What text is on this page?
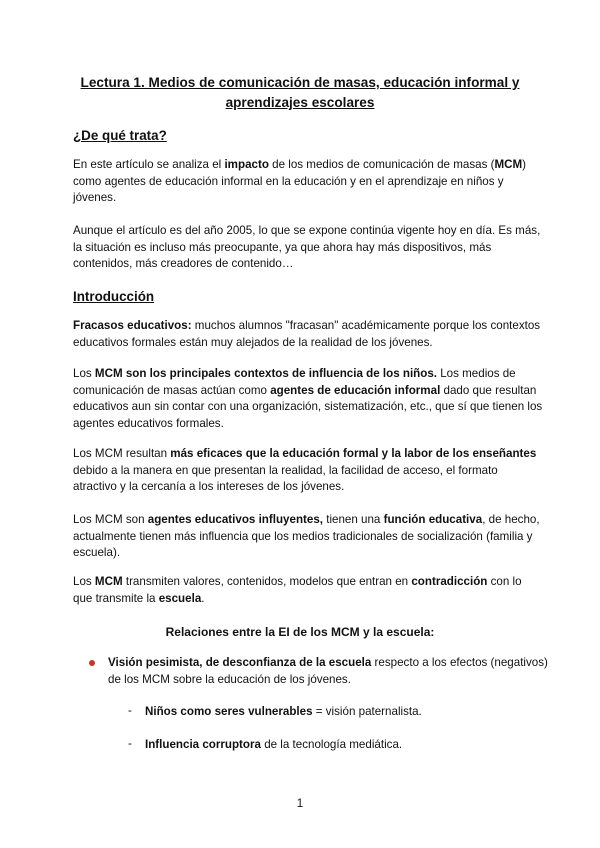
Lectura 1. Medios de comunicación de masas, educación informal y aprendizajes escolares
¿De qué trata?
En este artículo se analiza el impacto de los medios de comunicación de masas (MCM) como agentes de educación informal en la educación y en el aprendizaje en niños y jóvenes.
Aunque el artículo es del año 2005, lo que se expone continúa vigente hoy en día. Es más, la situación es incluso más preocupante, ya que ahora hay más dispositivos, más contenidos, más creadores de contenido…
Introducción
Fracasos educativos: muchos alumnos "fracasan" académicamente porque los contextos educativos formales están muy alejados de la realidad de los jóvenes.
Los MCM son los principales contextos de influencia de los niños. Los medios de comunicación de masas actúan como agentes de educación informal dado que resultan educativos aun sin contar con una organización, sistematización, etc., que sí que tienen los agentes educativos formales.
Los MCM resultan más eficaces que la educación formal y la labor de los enseñantes debido a la manera en que presentan la realidad, la facilidad de acceso, el formato atractivo y la cercanía a los intereses de los jóvenes.
Los MCM son agentes educativos influyentes, tienen una función educativa, de hecho, actualmente tienen más influencia que los medios tradicionales de socialización (familia y escuela).
Los MCM transmiten valores, contenidos, modelos que entran en contradicción con lo que transmite la escuela.
Relaciones entre la EI de los MCM y la escuela:
Visión pesimista, de desconfianza de la escuela respecto a los efectos (negativos) de los MCM sobre la educación de los jóvenes.
- Niños como seres vulnerables = visión paternalista.
- Influencia corruptora de la tecnología mediática.
1
